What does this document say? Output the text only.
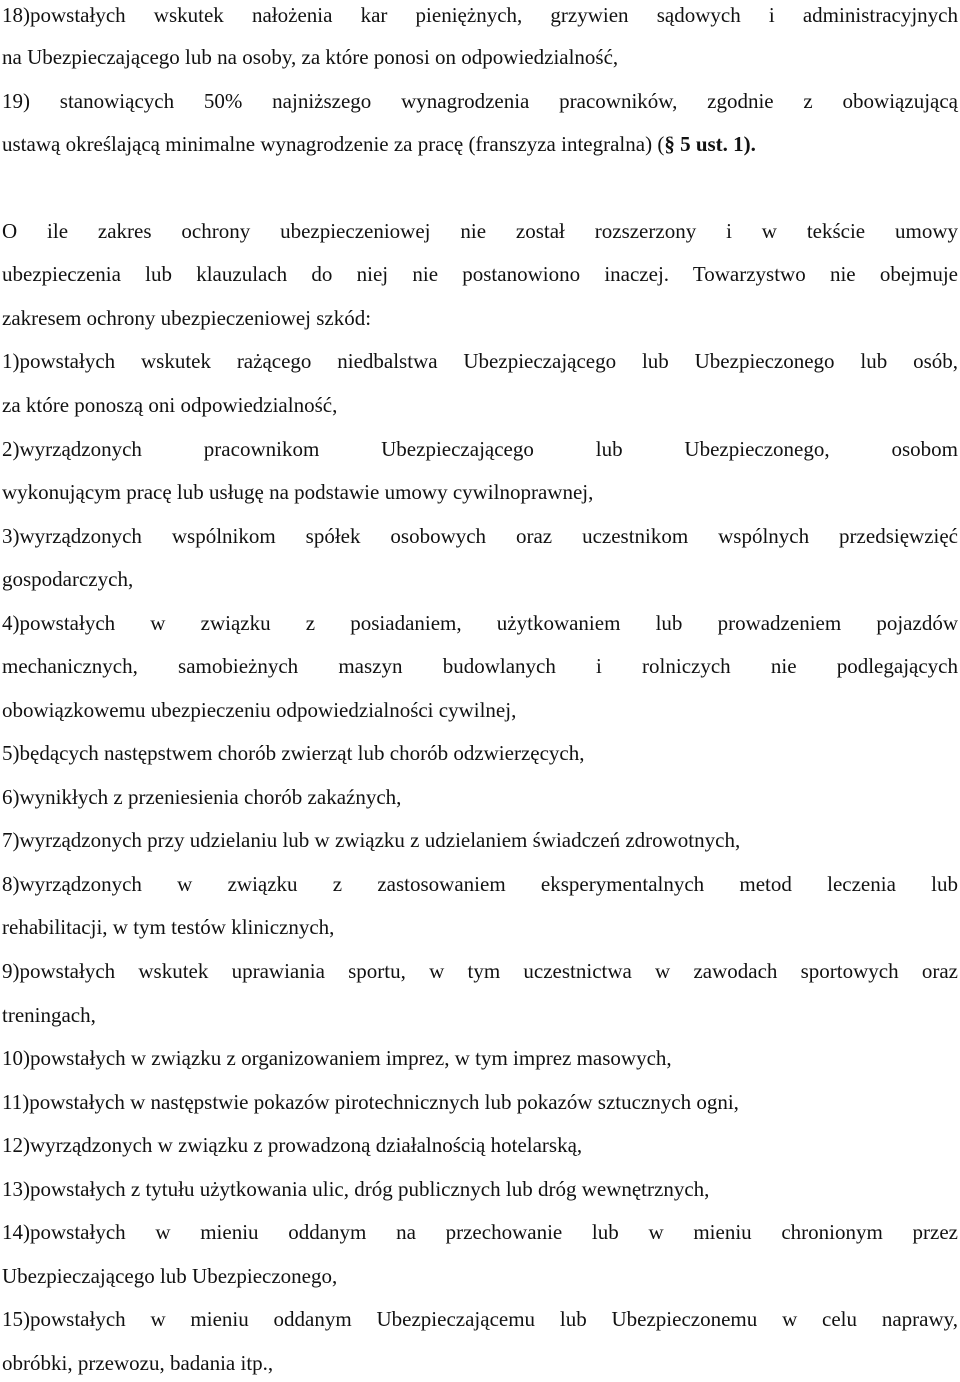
18)powstałych wskutek nałożenia kar pieniężnych, grzywien sądowych i administracyjnych

na Ubezpieczającego lub na osoby, za które ponosi on odpowiedzialność,

19) stanowiących 50% najniższego wynagrodzenia pracowników, zgodnie z obowiązującą

ustawą określającą minimalne wynagrodzenie za pracę (franszyza integralna) (§ 5 ust. 1).

O ile zakres ochrony ubezpieczeniowej nie został rozszerzony i w tekście umowy

ubezpieczenia lub klauzulach do niej nie postanowiono inaczej. Towarzystwo nie obejmuje

zakresem ochrony ubezpieczeniowej szkód:

1)powstałych wskutek rażącego niedbalstwa Ubezpieczającego lub Ubezpieczonego lub osób,

za które ponoszą oni odpowiedzialność,

2)wyrządzonych pracownikom Ubezpieczającego lub Ubezpieczonego, osobom

wykonującym pracę lub usługę na podstawie umowy cywilnoprawnej,

3)wyrządzonych wspólnikom spółek osobowych oraz uczestnikom wspólnych przedsięwzięć

gospodarczych,

4)powstałych w związku z posiadaniem, użytkowaniem lub prowadzeniem pojazdów

mechanicznych, samobieżnych maszyn budowlanych i rolniczych nie podlegających

obowiązkowemu ubezpieczeniu odpowiedzialności cywilnej,

5)będących następstwem chorób zwierząt lub chorób odzwierzęcych,

6)wynikłych z przeniesienia chorób zakaźnych,

7)wyrządzonych przy udzielaniu lub w związku z udzielaniem świadczeń zdrowotnych,

8)wyrządzonych w związku z zastosowaniem eksperymentalnych metod leczenia lub

rehabilitacji, w tym testów klinicznych,

9)powstałych wskutek uprawiania sportu, w tym uczestnictwa w zawodach sportowych oraz

treningach,

10)powstałych w związku z organizowaniem imprez, w tym imprez masowych,

11)powstałych w następstwie pokazów pirotechnicznych lub pokazów sztucznych ogni,

12)wyrządzonych w związku z prowadzoną działalnością hotelarską,

13)powstałych z tytułu użytkowania ulic, dróg publicznych lub dróg wewnętrznych,

14)powstałych w mieniu oddanym na przechowanie lub w mieniu chronionym przez

Ubezpieczającego lub Ubezpieczonego,

15)powstałych w mieniu oddanym Ubezpieczającemu lub Ubezpieczonemu w celu naprawy,

obróbki, przewozu, badania itp.,
